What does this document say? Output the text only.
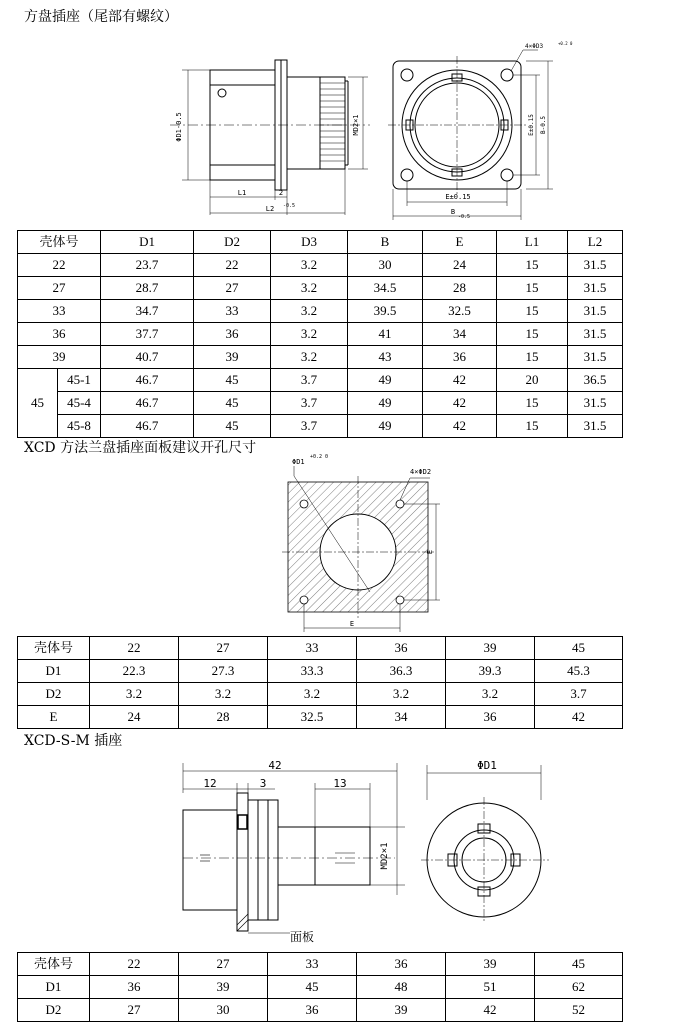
方盘插座（尾部有螺纹）
ΦD1-0.5	MD2×1
L1	2
L2 -0.5
4×ΦD3	+0.2 0
E±0.15
B
-0.5
E±0.15 B-0.5
壳体号		D1	D2	D3	B	E	L1	L2
22		23.7	22	3.2	30	24	15	31.5
27		28.7	27	3.2	34.5	28	15	31.5
33		34.7	33	3.2	39.5	32.5	15	31.5
36		37.7	36	3.2	41	34	15	31.5
39		40.7	39	3.2	43	36	15	31.5
45	45-1	46.7	45	3.7	49	42	20	36.5
	45-4	46.7	45	3.7	49	42	15	31.5
	45-8	46.7	45	3.7	49	42	15	31.5
XCD 方法兰盘插座面板建议开孔尺寸
ΦD1
+0.2 0
4×ΦD2
E
E
壳体号	22	27	33	36	39	45
D1	22.3	27.3	33.3	36.3	39.3	45.3
D2	3.2	3.2	3.2	3.2	3.2	3.7
E	24	28	32.5	34	36	42
XCD-S-M 插座
42
12	3	13
MD2×1
面板
ΦD1
壳体号	22	27	33	36	39	45
D1	36	39	45	48	51	62
D2	27	30	36	39	42	52
